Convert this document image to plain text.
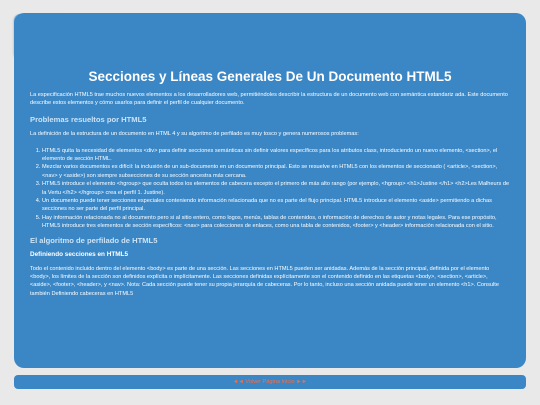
Secciones y Líneas Generales De Un Documento HTML5

La especificación HTML5 trae muchos nuevos elementos a los desarrolladores web, permitiéndoles describir la estructura de un documento web con semántica estandariz ada. Este documento describe estos elementos y cómo usarlos para definir el perfil de cualquier documento.

Problemas resueltos por HTML5

La definición de la estructura de un documento en HTML 4 y su algoritmo de perfilado es muy tosco y genera numerosos problemas:

1. HTML5 quita la necesidad de elementos <div> para definir secciones semánticas sin definir valores específicos para los atributos class, introduciendo un nuevo elemento, <section>, el elemento de sección HTML.
2. Mezclar varios documentos es difícil: la inclusión de un sub-documento en un documento principal. Esto se resuelve en HTML5 con los elementos de seccionado ( <article>, <section>, <nav> y <aside>) son siempre subsecciones de su sección ancestra más cercana.
3. HTML5 introduce el elemento <hgroup> que oculta todos los elementos de cabecera excepto el primero de más alto rango (por ejemplo, <hgroup> <h1>Justine </h1> <h2>Les Malheurs de la Vertu </h2> </hgroup> crea el perfil 1. Justine).
4. Un documento puede tener secciones especiales conteniendo información relacionada que no es parte del flujo principal. HTML5 introduce el elemento <aside> permitiendo a dichas secciones no ser parte del perfil principal.
5. Hay información relacionada no al documento pero si al sitio entero, como logos, menús, tablas de contenidos, o información de derechos de autor y notas legales. Para ese propósito, HTML5 introduce tres elementos de sección específicos: <nav> para colecciones de enlaces, como una tabla de contenidos, <footer> y <header> información relacionada con el sitio.
El algoritmo de perfilado de HTML5
Definiendo secciones en HTML5

Todo el contenido incluido dentro del elemento <body> es parte de una sección. Las secciones en HTML5 pueden ser anidadas. Además de la sección principal, definida por el elemento <body>, los límites de la sección son definidos explícita o implícitamente. Las secciones definidas explícitamente son el contenido definido en las etiquetas <body>, <section>, <article>, <aside>, <footer>, <header>, y <nav>. Nota: Cada sección puede tener su propia jerarquía de cabeceras. Por lo tanto, incluso una sección anidada puede tener un elemento <h1>. Consulte también Definiendo cabeceras en HTML5

◄◄ Volver Página Inicio ►►
